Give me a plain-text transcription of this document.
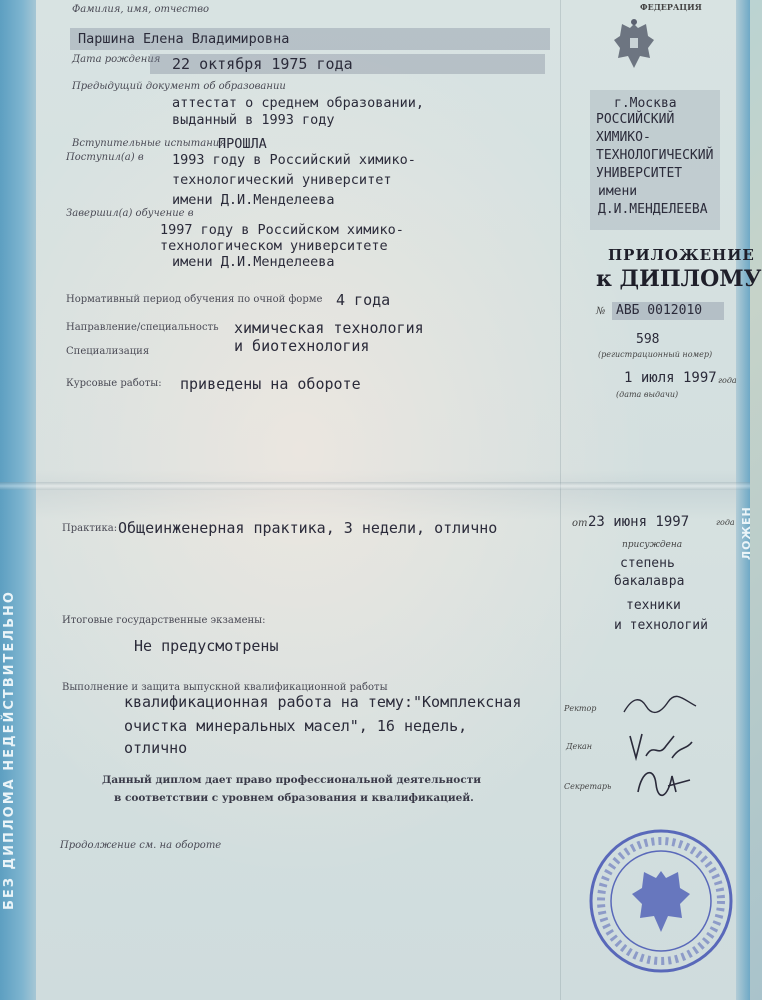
БЕЗ ДИПЛОМА НЕДЕЙСТВИТЕЛЬНО
ЛОЖЕН
Фамилия, имя, отчество
Паршина Елена Владимировна
Дата рождения 22 октября 1975 года
Предыдущий документ об образовании
аттестат о среднем образовании,
выданный в 1993 году
Вступительные испытания
ПРОШЛА
Поступил(а) в 1993 году в Российский химико-
технологический университет
имени Д.И.Менделеева
Завершил(а) обучение в
1997 году в Российском химико-
технологическом университете
имени Д.И.Менделеева
Нормативный период обучения по очной форме 4 года
Направление/специальность химическая технология
и биотехнология
Специализация
Курсовые работы: приведены на обороте
Практика: Общеинженерная практика, 3 недели, отлично
Итоговые государственные экзамены:
Не предусмотрены
Выполнение и защита выпускной квалификационной работы
квалификационная работа на тему:"Комплексная
очистка минеральных масел", 16 недель,
отлично
Данный диплом дает право профессиональной деятельности
в соответствии с уровнем образования и квалификацией.
Продолжение см. на обороте
ФЕДЕРАЦИЯ
г.Москва
РОССИЙСКИЙ
ХИМИКО-
ТЕХНОЛОГИЧЕСКИЙ
УНИВЕРСИТЕТ
имени
Д.И.МЕНДЕЛЕЕВА
ПРИЛОЖЕНИЕ
к ДИПЛОМУ
№ АВБ 0012010
598
(регистрационный номер)
1 июля 1997 года
(дата выдачи)
от 23 июня 1997	года
присуждена
степень
бакалавра
техники
и технологий
Ректор
Декан
Секретарь
